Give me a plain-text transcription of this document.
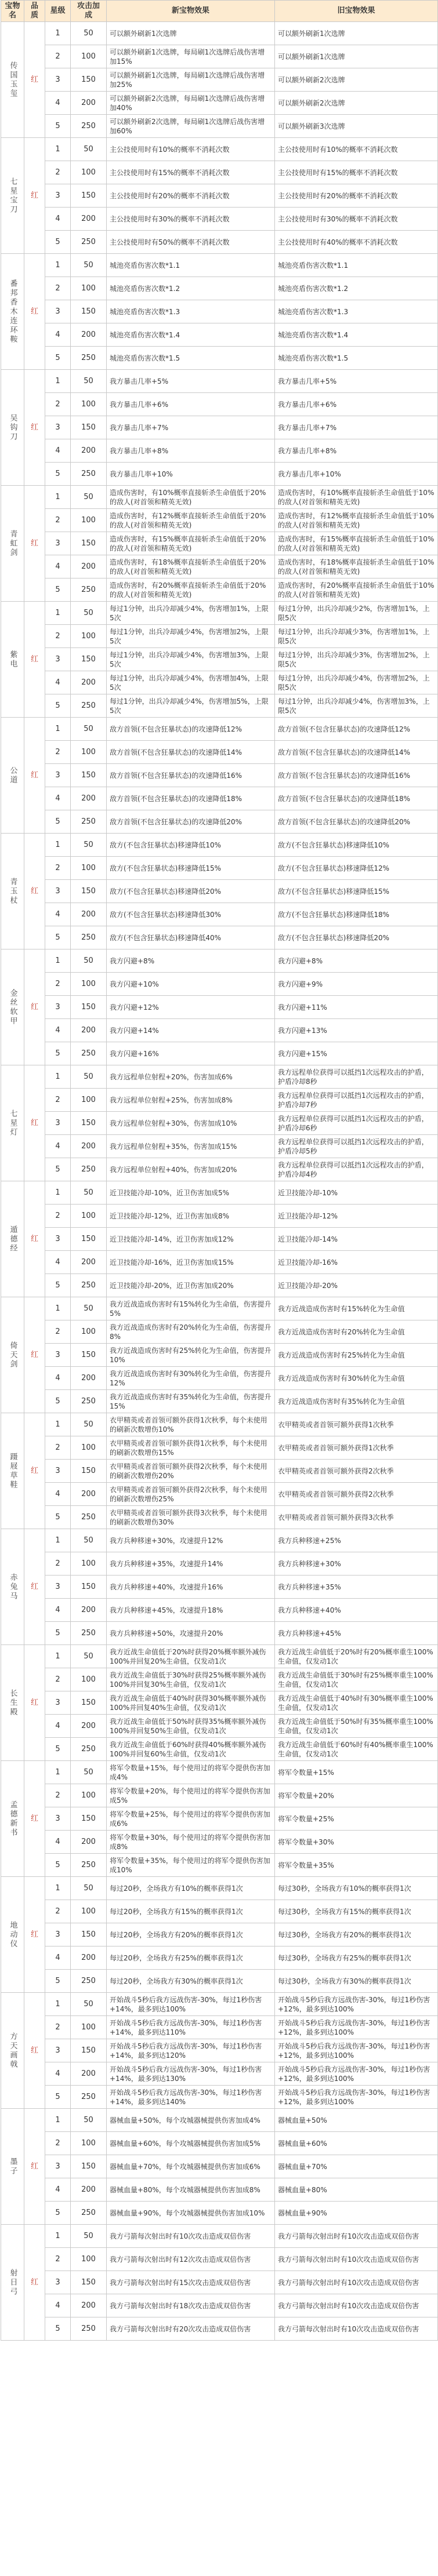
宝物名	品质	星级	攻击加成	新宝物效果	旧宝物效果
传国玉玺	红	1	50	可以额外刷新1次选牌	可以额外刷新1次选牌
		2	100	可以额外刷新1次选牌，每局刷1次选牌后战伤害增加15%	可以额外刷新1次选牌
		3	150	可以额外刷新1次选牌，每局刷1次选牌后战伤害增加25%	可以额外刷新2次选牌
		4	200	可以额外刷新2次选牌，每局刷1次选牌后战伤害增加40%	可以额外刷新2次选牌
		5	250	可以额外刷新2次选牌，每局刷1次选牌后战伤害增加60%	可以额外刷新3次选牌
七星宝刀	红	1	50	主公技使用时有10%的概率不消耗次数	主公技使用时有10%的概率不消耗次数
		2	100	主公技使用时有15%的概率不消耗次数	主公技使用时有15%的概率不消耗次数
		3	150	主公技使用时有20%的概率不消耗次数	主公技使用时有20%的概率不消耗次数
		4	200	主公技使用时有30%的概率不消耗次数	主公技使用时有30%的概率不消耗次数
		5	250	主公技使用时有50%的概率不消耗次数	主公技使用时有40%的概率不消耗次数
番邦香木连环鞍	红	1	50	城池亮盾伤害次数*1.1	城池亮盾伤害次数*1.1
		2	100	城池亮盾伤害次数*1.2	城池亮盾伤害次数*1.2
		3	150	城池亮盾伤害次数*1.3	城池亮盾伤害次数*1.3
		4	200	城池亮盾伤害次数*1.4	城池亮盾伤害次数*1.4
		5	250	城池亮盾伤害次数*1.5	城池亮盾伤害次数*1.5
吴钩刀	红	1	50	我方暴击几率+5%	我方暴击几率+5%
		2	100	我方暴击几率+6%	我方暴击几率+6%
		3	150	我方暴击几率+7%	我方暴击几率+7%
		4	200	我方暴击几率+8%	我方暴击几率+8%
		5	250	我方暴击几率+10%	我方暴击几率+10%
青虹剑	红	1	50	造成伤害时，有10%概率直接斩杀生命值低于20%的敌人(对首领和精英无效)	造成伤害时，有10%概率直接斩杀生命值低于10%的敌人(对首领和精英无效)
		2	100	造成伤害时，有12%概率直接斩杀生命值低于20%的敌人(对首领和精英无效)	造成伤害时，有12%概率直接斩杀生命值低于10%的敌人(对首领和精英无效)
		3	150	造成伤害时，有15%概率直接斩杀生命值低于20%的敌人(对首领和精英无效)	造成伤害时，有15%概率直接斩杀生命值低于10%的敌人(对首领和精英无效)
		4	200	造成伤害时，有18%概率直接斩杀生命值低于20%的敌人(对首领和精英无效)	造成伤害时，有18%概率直接斩杀生命值低于10%的敌人(对首领和精英无效)
		5	250	造成伤害时，有20%概率直接斩杀生命值低于20%的敌人(对首领和精英无效)	造成伤害时，有20%概率直接斩杀生命值低于10%的敌人(对首领和精英无效)
紫电	红	1	50	每过1分钟，出兵冷却减少4%，伤害增加1%，上限5次	每过1分钟，出兵冷却减少2%，伤害增加1%，上限5次
		2	100	每过1分钟，出兵冷却减少4%，伤害增加2%，上限5次	每过1分钟，出兵冷却减少3%，伤害增加1%，上限5次
		3	150	每过1分钟，出兵冷却减少4%，伤害增加3%，上限5次	每过1分钟，出兵冷却减少3%，伤害增加2%，上限5次
		4	200	每过1分钟，出兵冷却减少4%，伤害增加4%，上限5次	每过1分钟，出兵冷却减少4%，伤害增加2%，上限5次
		5	250	每过1分钟，出兵冷却减少4%，伤害增加5%，上限5次	每过1分钟，出兵冷却减少4%，伤害增加3%，上限5次
公道	红	1	50	敌方首领(不包含狂暴状态)的攻速降低12%	敌方首领(不包含狂暴状态)的攻速降低12%
		2	100	敌方首领(不包含狂暴状态)的攻速降低14%	敌方首领(不包含狂暴状态)的攻速降低14%
		3	150	敌方首领(不包含狂暴状态)的攻速降低16%	敌方首领(不包含狂暴状态)的攻速降低16%
		4	200	敌方首领(不包含狂暴状态)的攻速降低18%	敌方首领(不包含狂暴状态)的攻速降低18%
		5	250	敌方首领(不包含狂暴状态)的攻速降低20%	敌方首领(不包含狂暴状态)的攻速降低20%
青玉杖	红	1	50	敌方(不包含狂暴状态)移速降低10%	敌方(不包含狂暴状态)移速降低10%
		2	100	敌方(不包含狂暴状态)移速降低15%	敌方(不包含狂暴状态)移速降低12%
		3	150	敌方(不包含狂暴状态)移速降低20%	敌方(不包含狂暴状态)移速降低15%
		4	200	敌方(不包含狂暴状态)移速降低30%	敌方(不包含狂暴状态)移速降低18%
		5	250	敌方(不包含狂暴状态)移速降低40%	敌方(不包含狂暴状态)移速降低20%
金丝软甲	红	1	50	我方闪避+8%	我方闪避+8%
		2	100	我方闪避+10%	我方闪避+9%
		3	150	我方闪避+12%	我方闪避+11%
		4	200	我方闪避+14%	我方闪避+13%
		5	250	我方闪避+16%	我方闪避+15%
七星灯	红	1	50	我方远程单位射程+20%，伤害加成6%	我方远程单位获得可以抵挡1次远程攻击的护盾，护盾冷却8秒
		2	100	我方远程单位射程+25%，伤害加成8%	我方远程单位获得可以抵挡1次远程攻击的护盾，护盾冷却7秒
		3	150	我方远程单位射程+30%，伤害加成10%	我方远程单位获得可以抵挡1次远程攻击的护盾，护盾冷却6秒
		4	200	我方远程单位射程+35%，伤害加成15%	我方远程单位获得可以抵挡1次远程攻击的护盾，护盾冷却5秒
		5	250	我方远程单位射程+40%，伤害加成20%	我方远程单位获得可以抵挡1次远程攻击的护盾，护盾冷却4秒
遁德经	红	1	50	近卫技能冷却-10%，近卫伤害加成5%	近卫技能冷却-10%
		2	100	近卫技能冷却-12%，近卫伤害加成8%	近卫技能冷却-12%
		3	150	近卫技能冷却-14%，近卫伤害加成12%	近卫技能冷却-14%
		4	200	近卫技能冷却-16%，近卫伤害加成15%	近卫技能冷却-16%
		5	250	近卫技能冷却-20%，近卫伤害加成20%	近卫技能冷却-20%
倚天剑	红	1	50	我方近战造成伤害时有15%转化为生命值，伤害提升5%	我方近战造成伤害时有15%转化为生命值
		2	100	我方近战造成伤害时有20%转化为生命值，伤害提升8%	我方近战造成伤害时有20%转化为生命值
		3	150	我方近战造成伤害时有25%转化为生命值，伤害提升10%	我方近战造成伤害时有25%转化为生命值
		4	200	我方近战造成伤害时有30%转化为生命值，伤害提升12%	我方近战造成伤害时有30%转化为生命值
		5	250	我方近战造成伤害时有35%转化为生命值，伤害提升15%	我方近战造成伤害时有35%转化为生命值
蹑屐草鞋	红	1	50	衣甲精英或者首领可额外获得1次秋季，每个未使用的刷新次数增伤10%	衣甲精英或者首领可额外获得1次秋季
		2	100	衣甲精英或者首领可额外获得1次秋季，每个未使用的刷新次数增伤15%	衣甲精英或者首领可额外获得1次秋季
		3	150	衣甲精英或者首领可额外获得2次秋季，每个未使用的刷新次数增伤20%	衣甲精英或者首领可额外获得2次秋季
		4	200	衣甲精英或者首领可额外获得2次秋季，每个未使用的刷新次数增伤25%	衣甲精英或者首领可额外获得2次秋季
		5	250	衣甲精英或者首领可额外获得3次秋季，每个未使用的刷新次数增伤30%	衣甲精英或者首领可额外获得3次秋季
赤兔马	红	1	50	我方兵种移速+30%，攻速提升12%	我方兵种移速+25%
		2	100	我方兵种移速+35%，攻速提升14%	我方兵种移速+30%
		3	150	我方兵种移速+40%，攻速提升16%	我方兵种移速+35%
		4	200	我方兵种移速+45%，攻速提升18%	我方兵种移速+40%
		5	250	我方兵种移速+50%，攻速提升20%	我方兵种移速+45%
长生殿	红	1	50	我方近战生命值低于20%时获得20%概率额外减伤100%并回复20%生命值，仅发动1次	我方近战生命值低于20%时有20%概率重生100%生命值，仅发动1次
		2	100	我方近战生命值低于30%时获得25%概率额外减伤100%并回复30%生命值，仅发动1次	我方近战生命值低于30%时有25%概率重生100%生命值，仅发动1次
		3	150	我方近战生命值低于40%时获得30%概率额外减伤100%并回复40%生命值，仅发动1次	我方近战生命值低于40%时有30%概率重生100%生命值，仅发动1次
		4	200	我方近战生命值低于50%时获得35%概率额外减伤100%并回复50%生命值，仅发动1次	我方近战生命值低于50%时有35%概率重生100%生命值，仅发动1次
		5	250	我方近战生命值低于60%时获得40%概率额外减伤100%并回复60%生命值，仅发动1次	我方近战生命值低于60%时有40%概率重生100%生命值，仅发动1次
孟德新书	红	1	50	将军令数量+15%，每个使用过的将军令提供伤害加成4%	将军令数量+15%
		2	100	将军令数量+20%，每个使用过的将军令提供伤害加成5%	将军令数量+20%
		3	150	将军令数量+25%，每个使用过的将军令提供伤害加成6%	将军令数量+25%
		4	200	将军令数量+30%，每个使用过的将军令提供伤害加成8%	将军令数量+30%
		5	250	将军令数量+35%，每个使用过的将军令提供伤害加成10%	将军令数量+35%
地动仪	红	1	50	每过20秒，全场我方有10%的概率获得1次	每过30秒，全场我方有10%的概率获得1次
		2	100	每过20秒，全场我方有15%的概率获得1次	每过30秒，全场我方有15%的概率获得1次
		3	150	每过20秒，全场我方有20%的概率获得1次	每过30秒，全场我方有20%的概率获得1次
		4	200	每过20秒，全场我方有25%的概率获得1次	每过30秒，全场我方有25%的概率获得1次
		5	250	每过20秒，全场我方有30%的概率获得1次	每过30秒，全场我方有30%的概率获得1次
方天画戟	红	1	50	开始战斗5秒后我方远战伤害-30%，每过1秒伤害+14%，最多到达100%	开始战斗5秒后我方远战伤害-30%，每过1秒伤害+12%，最多到达100%
		2	100	开始战斗5秒后我方远战伤害-30%，每过1秒伤害+14%，最多到达110%	开始战斗5秒后我方远战伤害-30%，每过1秒伤害+12%，最多到达100%
		3	150	开始战斗5秒后我方远战伤害-30%，每过1秒伤害+14%，最多到达120%	开始战斗5秒后我方远战伤害-30%，每过1秒伤害+12%，最多到达100%
		4	200	开始战斗5秒后我方远战伤害-30%，每过1秒伤害+14%，最多到达130%	开始战斗5秒后我方远战伤害-30%，每过1秒伤害+12%，最多到达100%
		5	250	开始战斗5秒后我方远战伤害-30%，每过1秒伤害+14%，最多到达140%	开始战斗5秒后我方远战伤害-30%，每过1秒伤害+12%，最多到达100%
墨子	红	1	50	器械血量+50%，每个攻城器械提供伤害加成4%	器械血量+50%
		2	100	器械血量+60%，每个攻城器械提供伤害加成5%	器械血量+60%
		3	150	器械血量+70%，每个攻城器械提供伤害加成6%	器械血量+70%
		4	200	器械血量+80%，每个攻城器械提供伤害加成8%	器械血量+80%
		5	250	器械血量+90%，每个攻城器械提供伤害加成10%	器械血量+90%
射日弓	红	1	50	我方弓箭每次射出时有10次攻击造成双倍伤害	我方弓箭每次射出时有10次攻击造成双倍伤害
		2	100	我方弓箭每次射出时有12次攻击造成双倍伤害	我方弓箭每次射出时有10次攻击造成双倍伤害
		3	150	我方弓箭每次射出时有15次攻击造成双倍伤害	我方弓箭每次射出时有10次攻击造成双倍伤害
		4	200	我方弓箭每次射出时有18次攻击造成双倍伤害	我方弓箭每次射出时有10次攻击造成双倍伤害
		5	250	我方弓箭每次射出时有20次攻击造成双倍伤害	我方弓箭每次射出时有10次攻击造成双倍伤害
